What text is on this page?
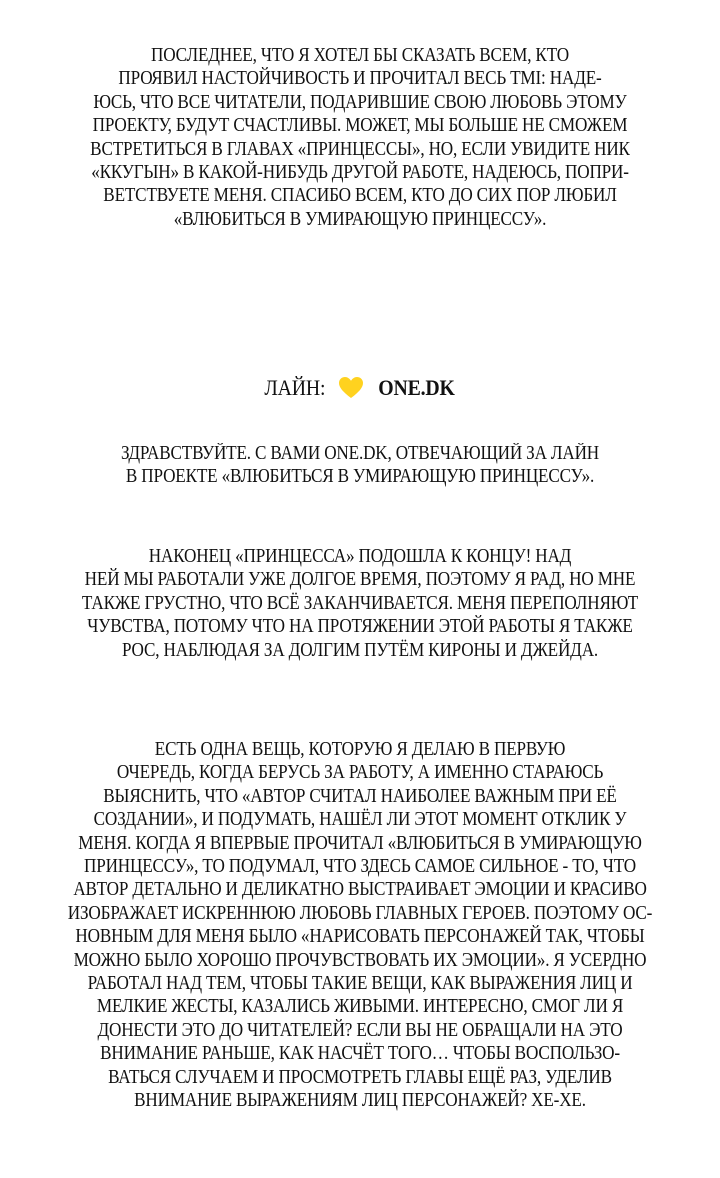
ПОСЛЕДНЕЕ, ЧТО Я ХОТЕЛ БЫ СКАЗАТЬ ВСЕМ, КТО
ПРОЯВИЛ НАСТОЙЧИВОСТЬ И ПРОЧИТАЛ ВЕСЬ TMI: НАДЕ-
ЮСЬ, ЧТО ВСЕ ЧИТАТЕЛИ, ПОДАРИВШИЕ СВОЮ ЛЮБОВЬ ЭТОМУ
ПРОЕКТУ, БУДУТ СЧАСТЛИВЫ. МОЖЕТ, МЫ БОЛЬШЕ НЕ СМОЖЕМ
ВСТРЕТИТЬСЯ В ГЛАВАХ «ПРИНЦЕССЫ», НО, ЕСЛИ УВИДИТЕ НИК
«ККУГЫН» В КАКОЙ-НИБУДЬ ДРУГОЙ РАБОТЕ, НАДЕЮСЬ, ПОПРИ-
ВЕТСТВУЕТЕ МЕНЯ. СПАСИБО ВСЕМ, КТО ДО СИХ ПОР ЛЮБИЛ
«ВЛЮБИТЬСЯ В УМИРАЮЩУЮ ПРИНЦЕССУ».
ЛАЙН: ONE.DK
ЗДРАВСТВУЙТЕ. С ВАМИ ONE.DK, ОТВЕЧАЮЩИЙ ЗА ЛАЙН
В ПРОЕКТЕ «ВЛЮБИТЬСЯ В УМИРАЮЩУЮ ПРИНЦЕССУ».
НАКОНЕЦ «ПРИНЦЕССА» ПОДОШЛА К КОНЦУ! НАД
НЕЙ МЫ РАБОТАЛИ УЖЕ ДОЛГОЕ ВРЕМЯ, ПОЭТОМУ Я РАД, НО МНЕ
ТАКЖЕ ГРУСТНО, ЧТО ВСЁ ЗАКАНЧИВАЕТСЯ. МЕНЯ ПЕРЕПОЛНЯЮТ
ЧУВСТВА, ПОТОМУ ЧТО НА ПРОТЯЖЕНИИ ЭТОЙ РАБОТЫ Я ТАКЖЕ
РОС, НАБЛЮДАЯ ЗА ДОЛГИМ ПУТЁМ КИРОНЫ И ДЖЕЙДА.
ЕСТЬ ОДНА ВЕЩЬ, КОТОРУЮ Я ДЕЛАЮ В ПЕРВУЮ
ОЧЕРЕДЬ, КОГДА БЕРУСЬ ЗА РАБОТУ, А ИМЕННО СТАРАЮСЬ
ВЫЯСНИТЬ, ЧТО «АВТОР СЧИТАЛ НАИБОЛЕЕ ВАЖНЫМ ПРИ ЕЁ
СОЗДАНИИ», И ПОДУМАТЬ, НАШЁЛ ЛИ ЭТОТ МОМЕНТ ОТКЛИК У
МЕНЯ. КОГДА Я ВПЕРВЫЕ ПРОЧИТАЛ «ВЛЮБИТЬСЯ В УМИРАЮЩУЮ
ПРИНЦЕССУ», ТО ПОДУМАЛ, ЧТО ЗДЕСЬ САМОЕ СИЛЬНОЕ - ТО, ЧТО
АВТОР ДЕТАЛЬНО И ДЕЛИКАТНО ВЫСТРАИВАЕТ ЭМОЦИИ И КРАСИВО
ИЗОБРАЖАЕТ ИСКРЕННЮЮ ЛЮБОВЬ ГЛАВНЫХ ГЕРОЕВ. ПОЭТОМУ ОС-
НОВНЫМ ДЛЯ МЕНЯ БЫЛО «НАРИСОВАТЬ ПЕРСОНАЖЕЙ ТАК, ЧТОБЫ
МОЖНО БЫЛО ХОРОШО ПРОЧУВСТВОВАТЬ ИХ ЭМОЦИИ». Я УСЕРДНО
РАБОТАЛ НАД ТЕМ, ЧТОБЫ ТАКИЕ ВЕЩИ, КАК ВЫРАЖЕНИЯ ЛИЦ И
МЕЛКИЕ ЖЕСТЫ, КАЗАЛИСЬ ЖИВЫМИ. ИНТЕРЕСНО, СМОГ ЛИ Я
ДОНЕСТИ ЭТО ДО ЧИТАТЕЛЕЙ? ЕСЛИ ВЫ НЕ ОБРАЩАЛИ НА ЭТО
ВНИМАНИЕ РАНЬШЕ, КАК НАСЧЁТ ТОГО… ЧТОБЫ ВОСПОЛЬЗО-
ВАТЬСЯ СЛУЧАЕМ И ПРОСМОТРЕТЬ ГЛАВЫ ЕЩЁ РАЗ, УДЕЛИВ
ВНИМАНИЕ ВЫРАЖЕНИЯМ ЛИЦ ПЕРСОНАЖЕЙ? ХЕ-ХЕ.
